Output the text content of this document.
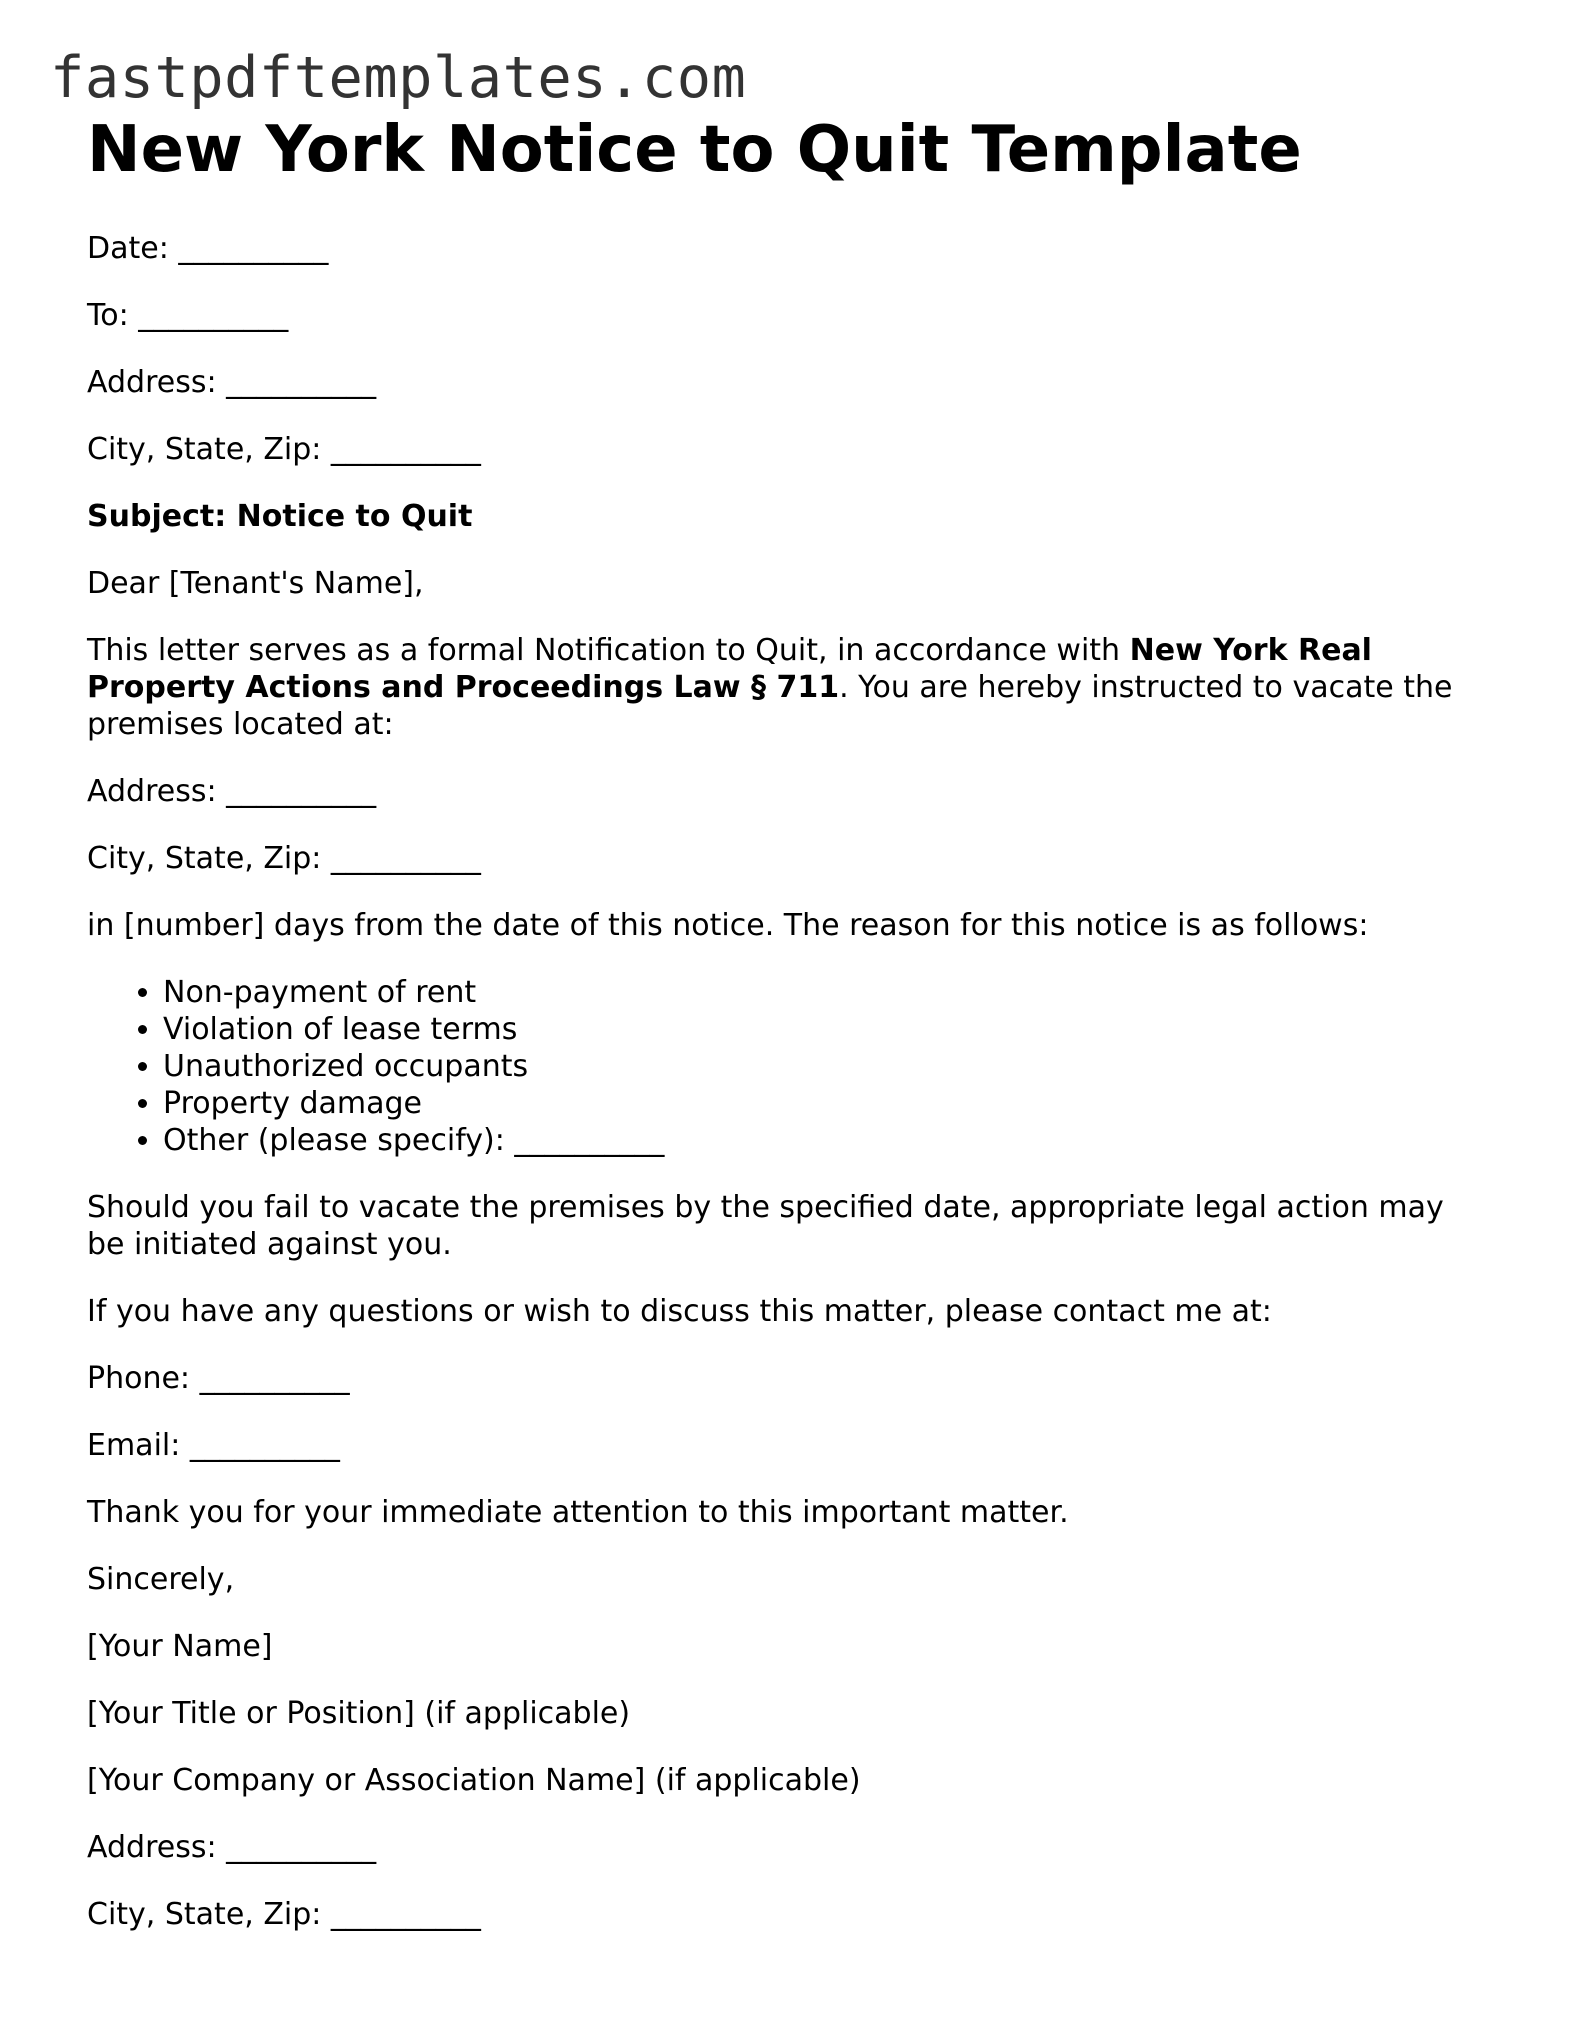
fastpdftemplates.com
New York Notice to Quit Template

Date: __________

To: __________

Address: __________

City, State, Zip: __________

Subject: Notice to Quit

Dear [Tenant's Name],

This letter serves as a formal Notification to Quit, in accordance with New York Real Property Actions and Proceedings Law § 711. You are hereby instructed to vacate the premises located at:

Address: __________

City, State, Zip: __________

in [number] days from the date of this notice. The reason for this notice is as follows:

• Non-payment of rent
• Violation of lease terms
• Unauthorized occupants
• Property damage
• Other (please specify): __________

Should you fail to vacate the premises by the specified date, appropriate legal action may be initiated against you.

If you have any questions or wish to discuss this matter, please contact me at:

Phone: __________

Email: __________

Thank you for your immediate attention to this important matter.

Sincerely,

[Your Name]

[Your Title or Position] (if applicable)

[Your Company or Association Name] (if applicable)

Address: __________

City, State, Zip: __________
